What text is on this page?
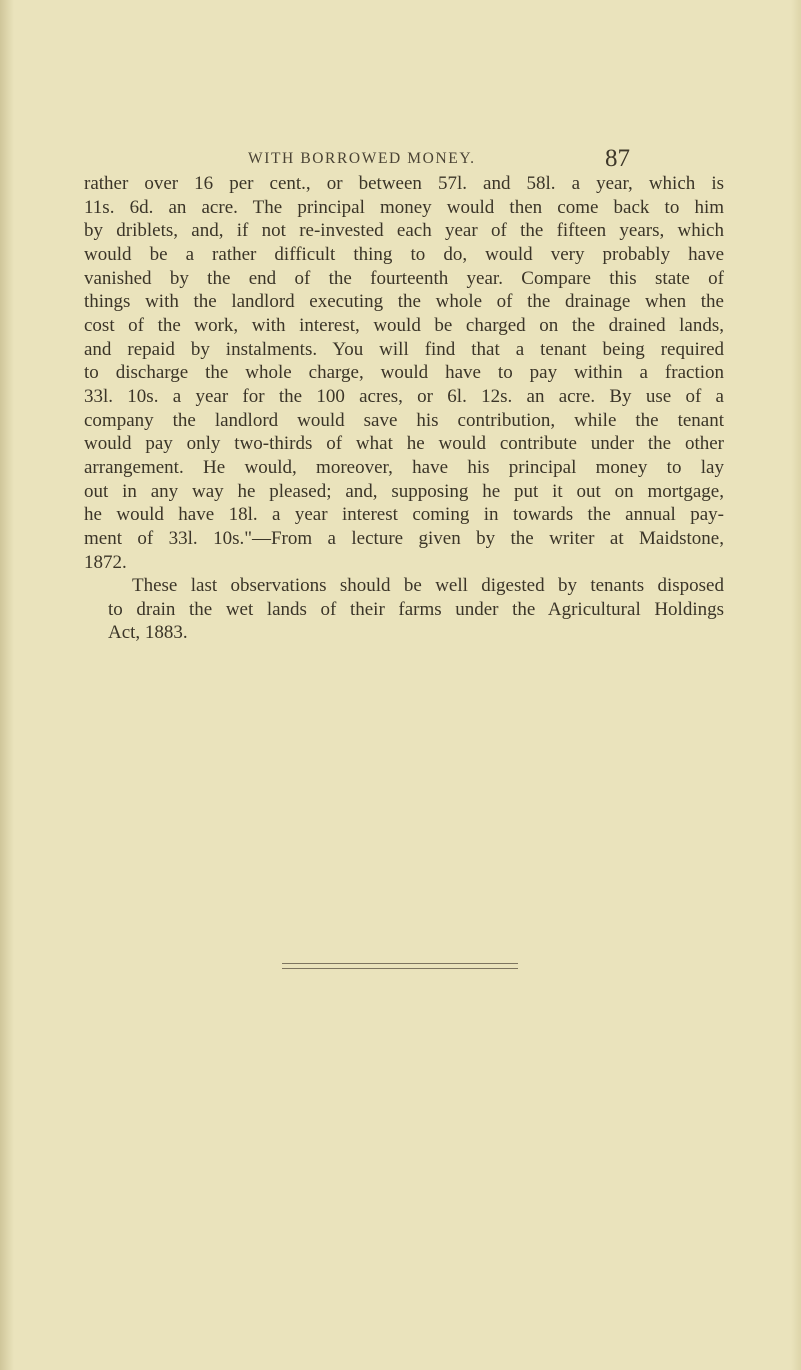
WITH BORROWED MONEY.	87

rather over 16 per cent., or between 57l. and 58l. a year, which is
11s. 6d. an acre. The principal money would then come back to him
by driblets, and, if not re-invested each year of the fifteen years, which
would be a rather difficult thing to do, would very probably have
vanished by the end of the fourteenth year. Compare this state of
things with the landlord executing the whole of the drainage when the
cost of the work, with interest, would be charged on the drained lands,
and repaid by instalments. You will find that a tenant being required
to discharge the whole charge, would have to pay within a fraction
33l. 10s. a year for the 100 acres, or 6l. 12s. an acre. By use of a
company the landlord would save his contribution, while the tenant
would pay only two-thirds of what he would contribute under the other
arrangement. He would, moreover, have his principal money to lay
out in any way he pleased; and, supposing he put it out on mortgage,
he would have 18l. a year interest coming in towards the annual pay-
ment of 33l. 10s."—From a lecture given by the writer at Maidstone,
1872.

These last observations should be well digested by tenants disposed
to drain the wet lands of their farms under the Agricultural Holdings
Act, 1883.
